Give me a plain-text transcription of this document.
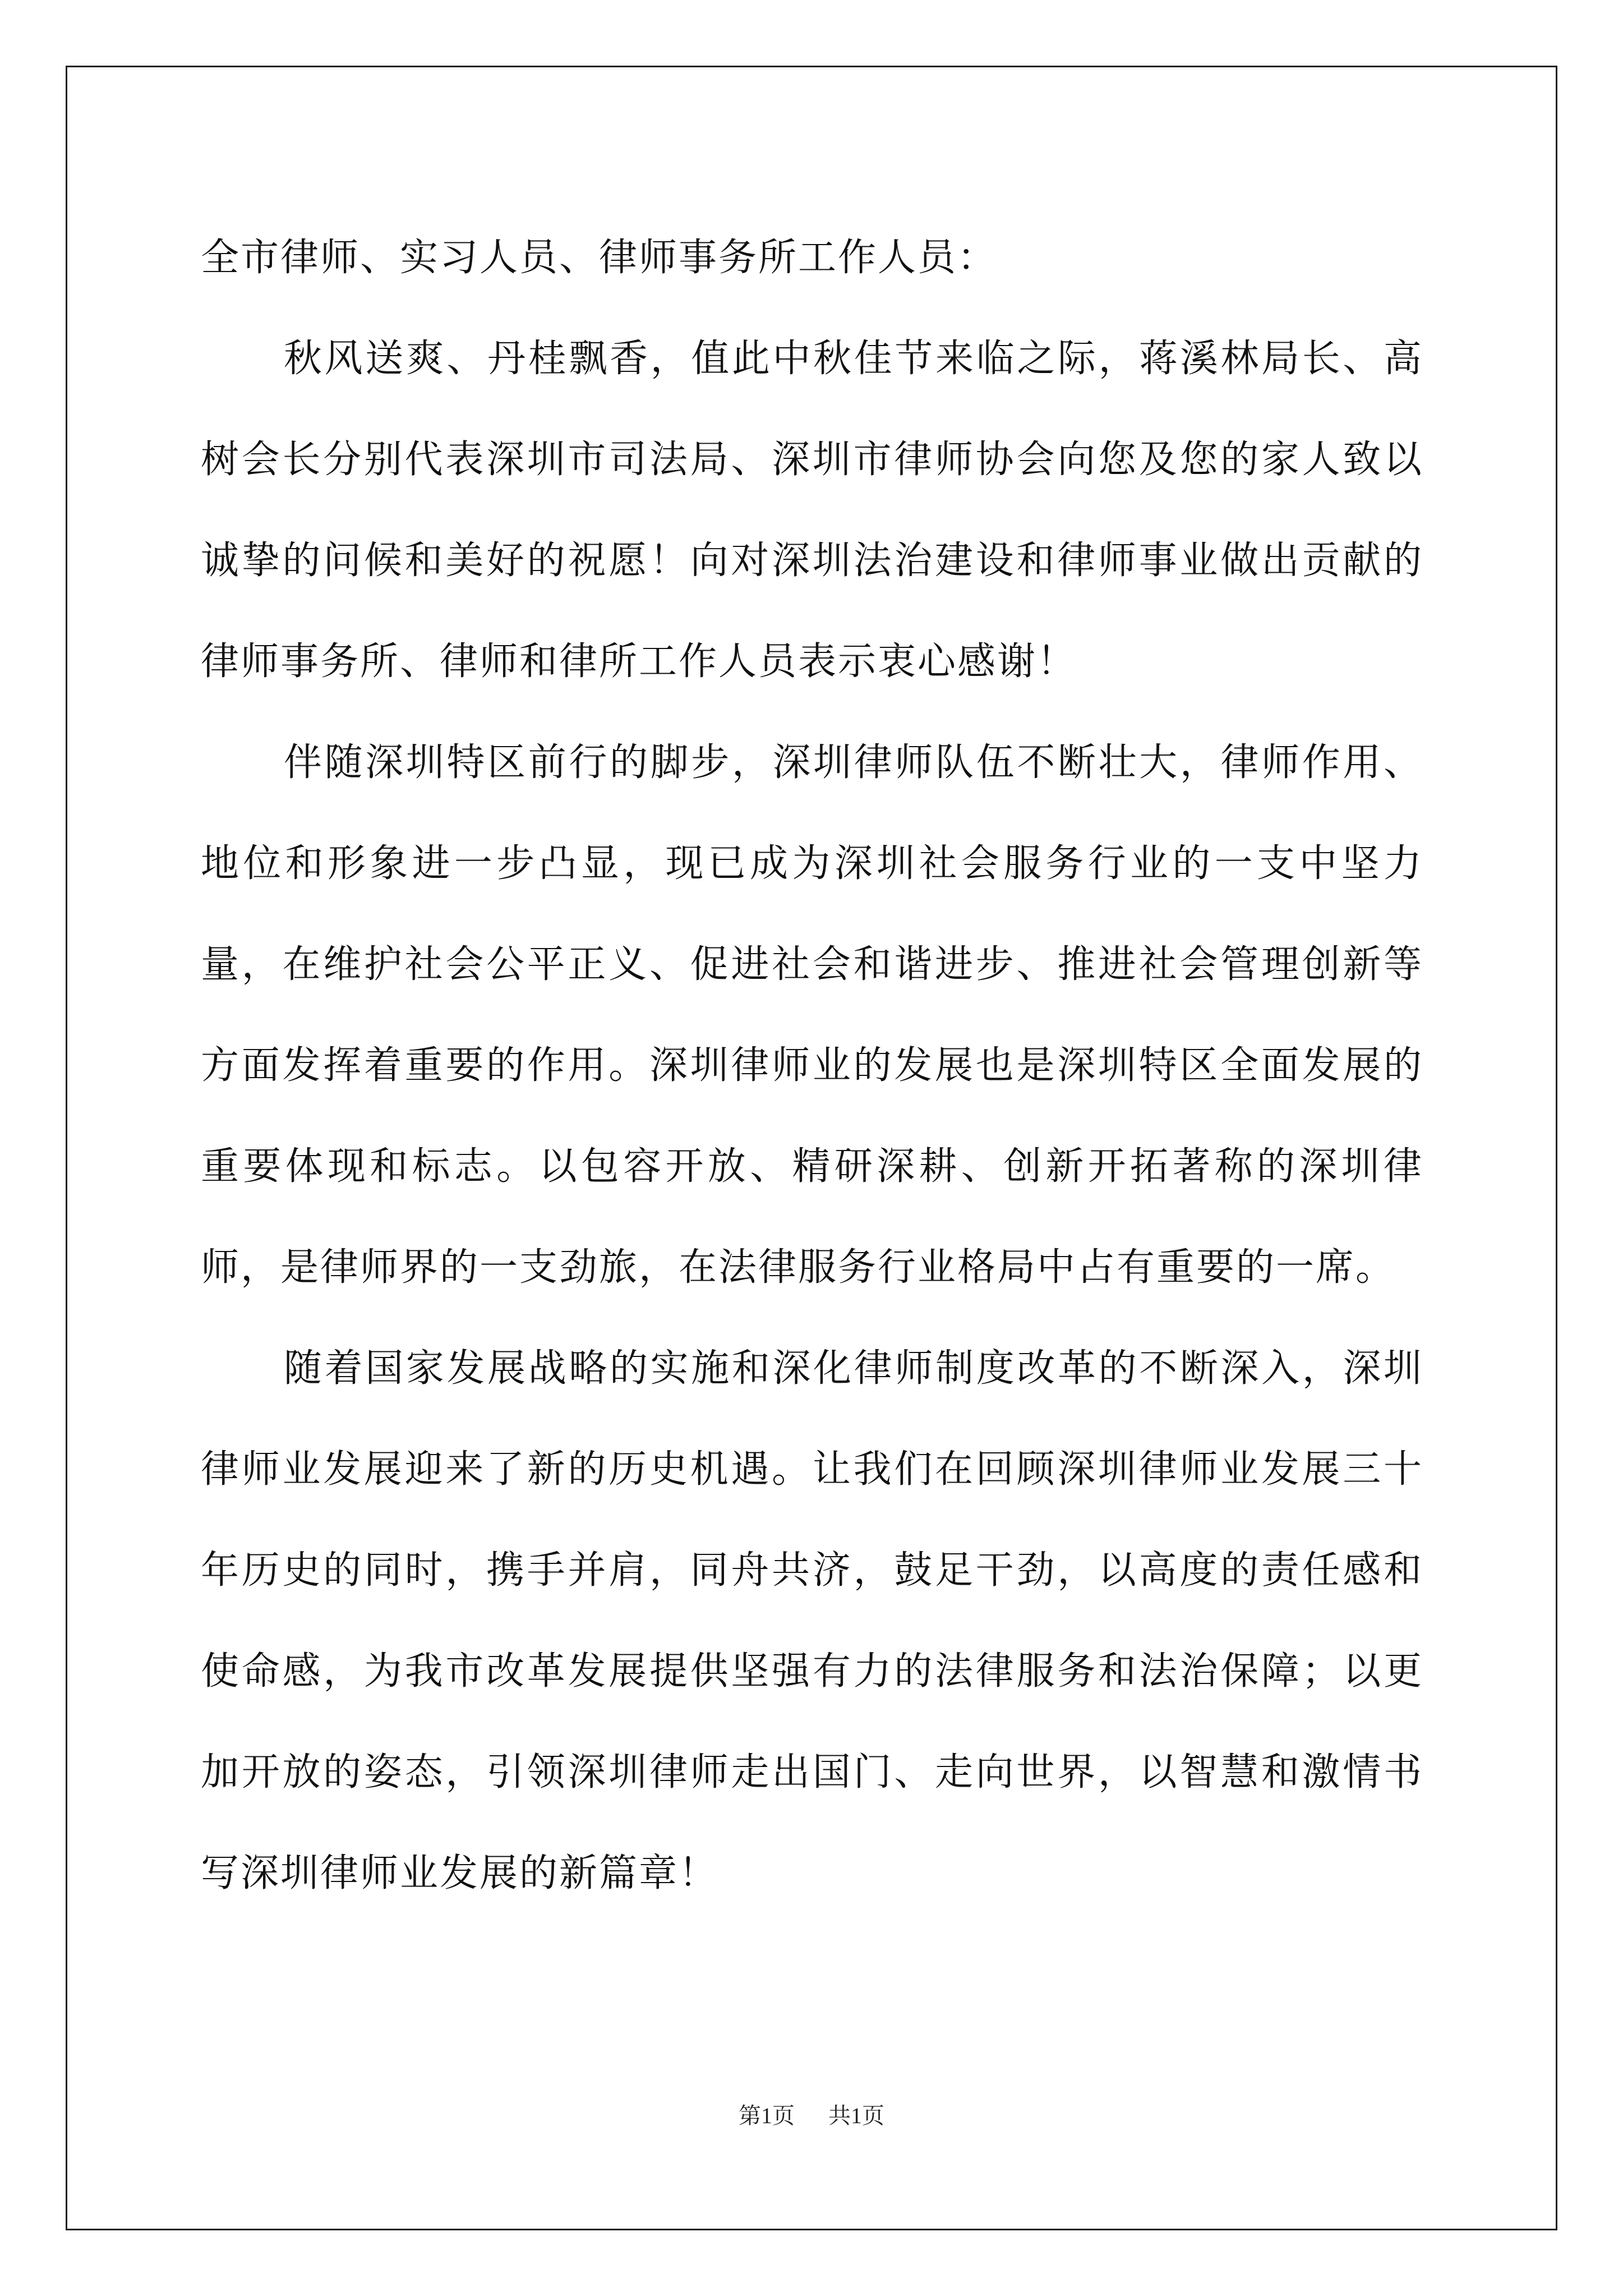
全市律师、实习人员、律师事务所工作人员：

秋风送爽、丹桂飘香，值此中秋佳节来临之际，蒋溪林局长、高树会长分别代表深圳市司法局、深圳市律师协会向您及您的家人致以诚挚的问候和美好的祝愿！向对深圳法治建设和律师事业做出贡献的律师事务所、律师和律所工作人员表示衷心感谢！

伴随深圳特区前行的脚步，深圳律师队伍不断壮大，律师作用、地位和形象进一步凸显，现已成为深圳社会服务行业的一支中坚力量，在维护社会公平正义、促进社会和谐进步、推进社会管理创新等方面发挥着重要的作用。深圳律师业的发展也是深圳特区全面发展的重要体现和标志。以包容开放、精研深耕、创新开拓著称的深圳律师，是律师界的一支劲旅，在法律服务行业格局中占有重要的一席。

随着国家发展战略的实施和深化律师制度改革的不断深入，深圳律师业发展迎来了新的历史机遇。让我们在回顾深圳律师业发展三十年历史的同时，携手并肩，同舟共济，鼓足干劲，以高度的责任感和使命感，为我市改革发展提供坚强有力的法律服务和法治保障；以更加开放的姿态，引领深圳律师走出国门、走向世界，以智慧和激情书写深圳律师业发展的新篇章！

第1页 共1页
